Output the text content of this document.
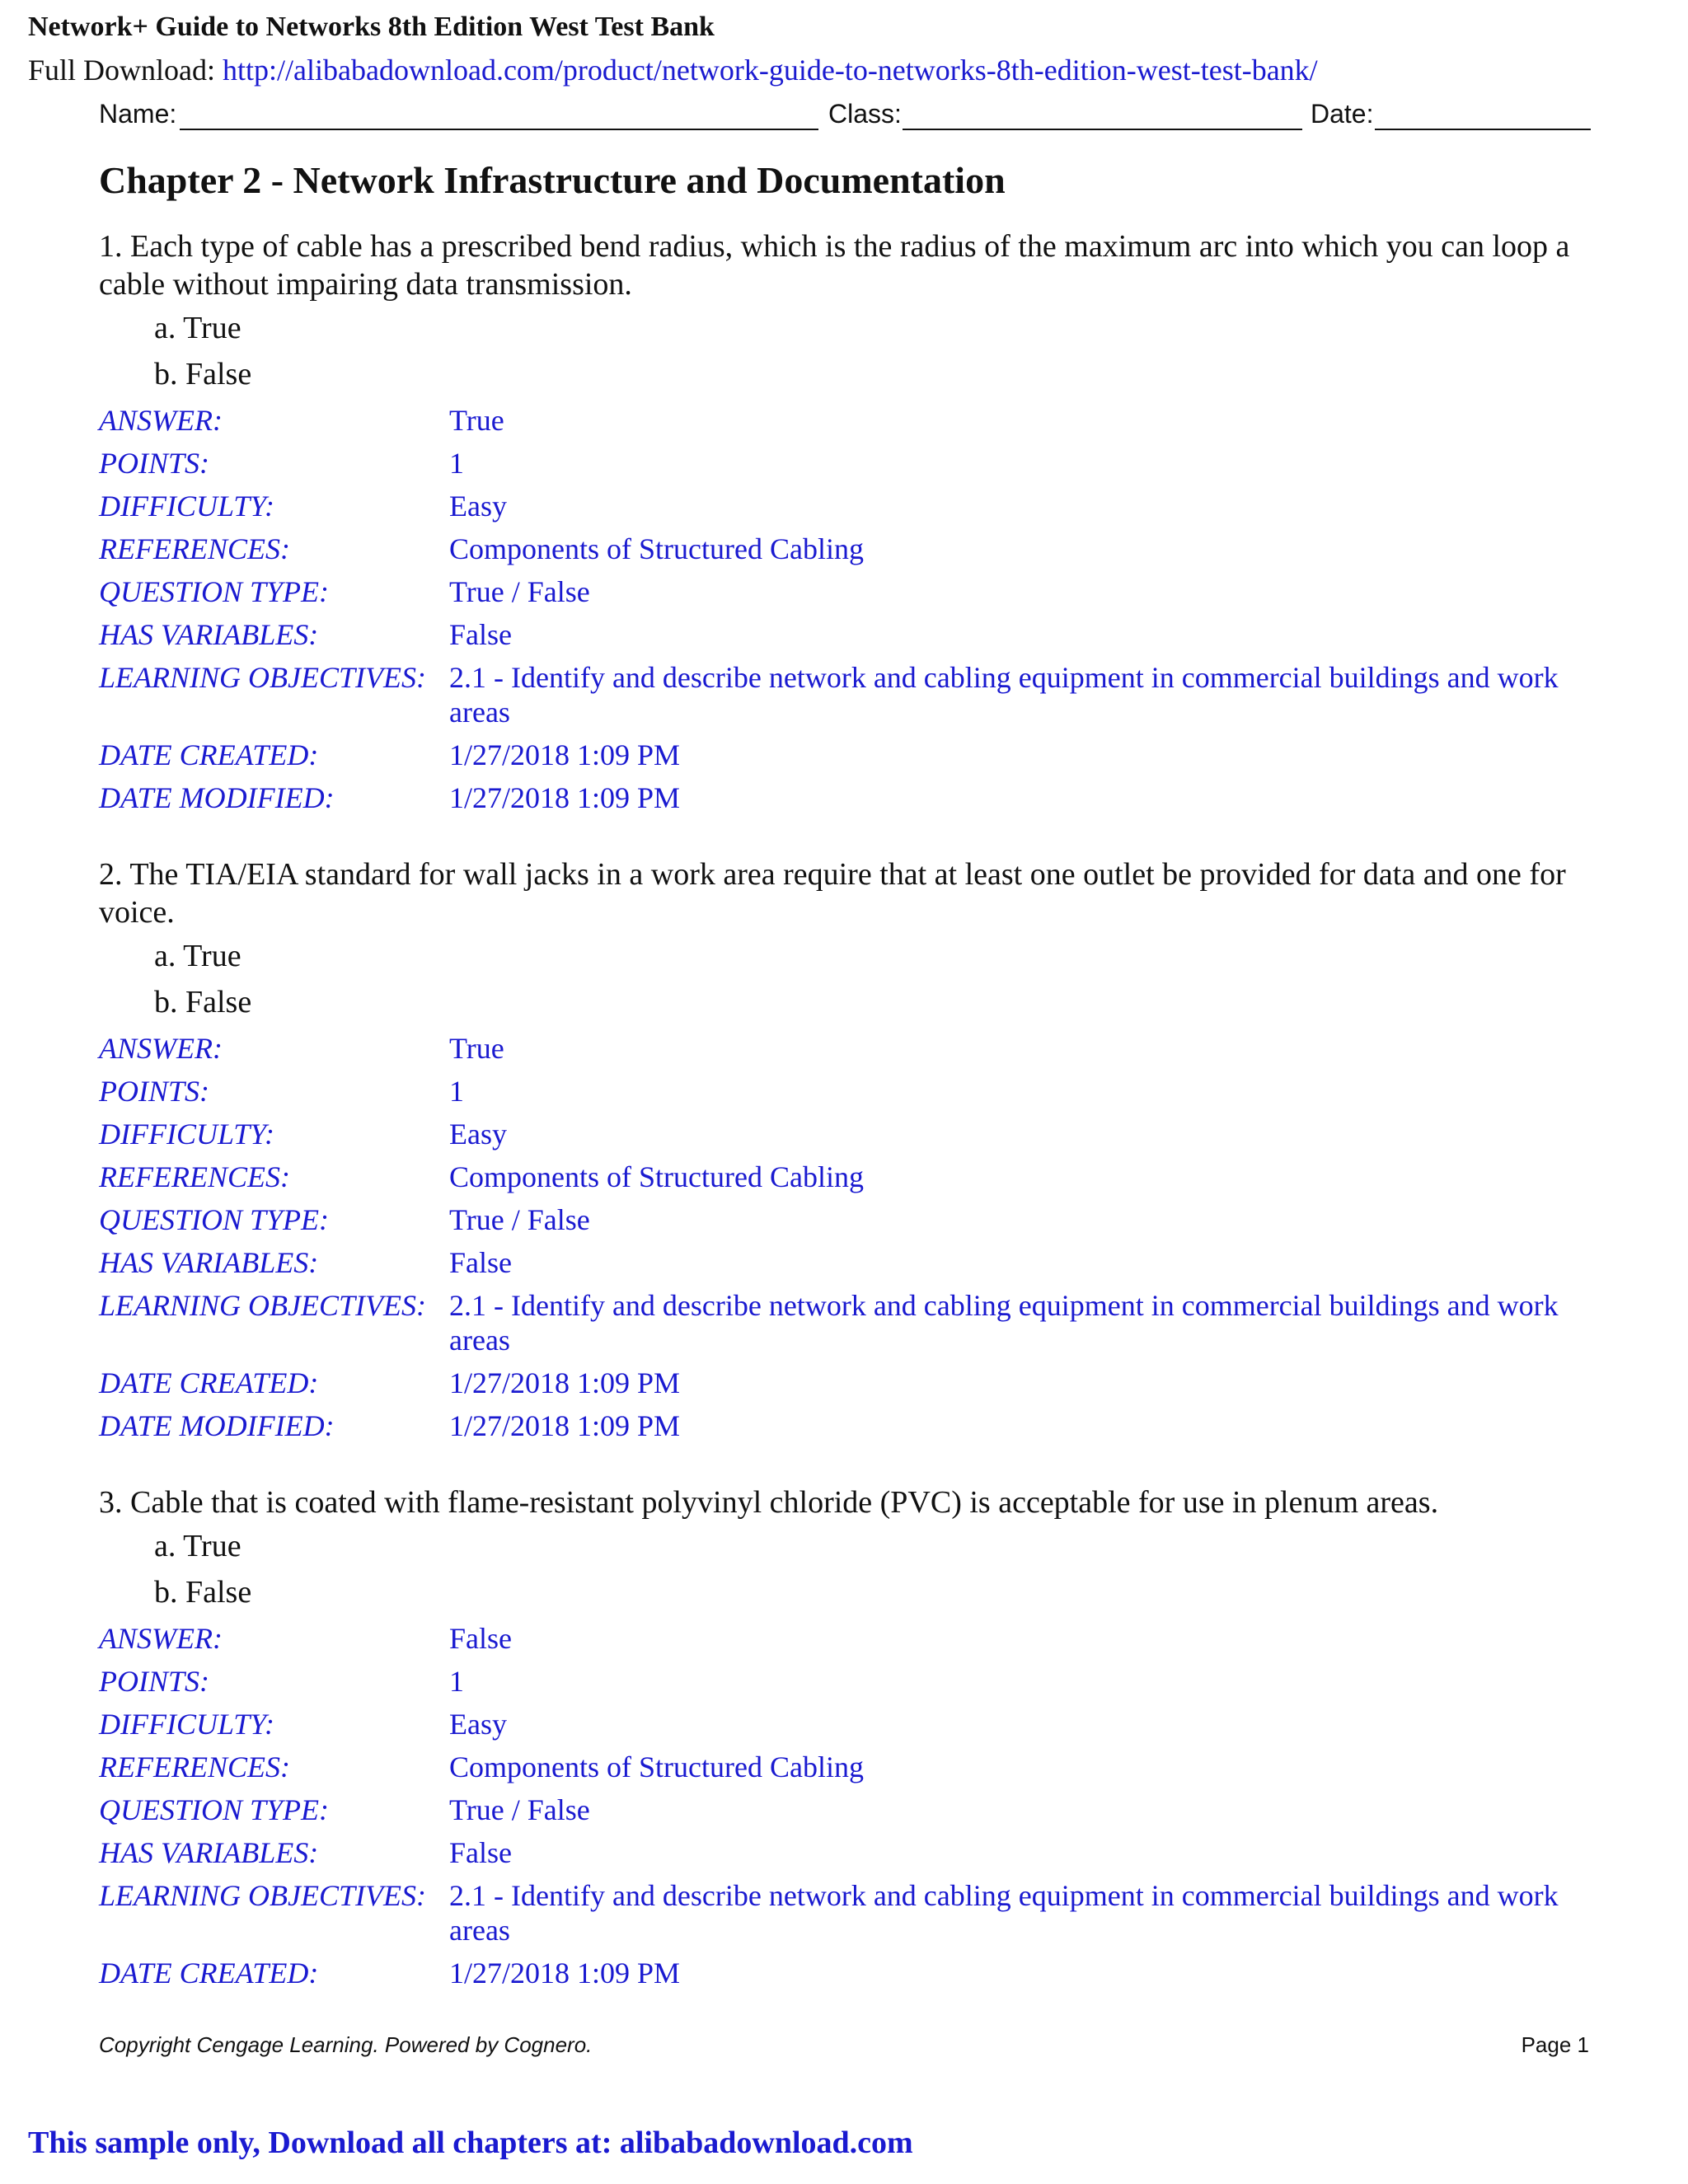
Network+ Guide to Networks 8th Edition West Test Bank
Full Download: http://alibabadownload.com/product/network-guide-to-networks-8th-edition-west-test-bank/
Name:	Class:	Date:
Chapter 2 - Network Infrastructure and Documentation

1. Each type of cable has a prescribed bend radius, which is the radius of the maximum arc into which you can loop a cable without impairing data transmission.

a. True
b. False
ANSWER:	True
POINTS:	1
DIFFICULTY:	Easy
REFERENCES:	Components of Structured Cabling
QUESTION TYPE:	True / False
HAS VARIABLES:	False
LEARNING OBJECTIVES: 2.1 - Identify and describe network and cabling equipment in commercial buildings and work areas
DATE CREATED:	1/27/2018 1:09 PM
DATE MODIFIED:	1/27/2018 1:09 PM

2. The TIA/EIA standard for wall jacks in a work area require that at least one outlet be provided for data and one for voice.

a. True
b. False
ANSWER:	True
POINTS:	1
DIFFICULTY:	Easy
REFERENCES:	Components of Structured Cabling
QUESTION TYPE:	True / False
HAS VARIABLES:	False
LEARNING OBJECTIVES: 2.1 - Identify and describe network and cabling equipment in commercial buildings and work areas
DATE CREATED:	1/27/2018 1:09 PM
DATE MODIFIED:	1/27/2018 1:09 PM

3. Cable that is coated with flame-resistant polyvinyl chloride (PVC) is acceptable for use in plenum areas.

a. True
b. False
ANSWER:	False
POINTS:	1
DIFFICULTY:	Easy
REFERENCES:	Components of Structured Cabling
QUESTION TYPE:	True / False
HAS VARIABLES:	False
LEARNING OBJECTIVES: 2.1 - Identify and describe network and cabling equipment in commercial buildings and work areas
DATE CREATED:	1/27/2018 1:09 PM
Copyright Cengage Learning. Powered by Cognero.	Page 1
This sample only, Download all chapters at: alibabadownload.com
